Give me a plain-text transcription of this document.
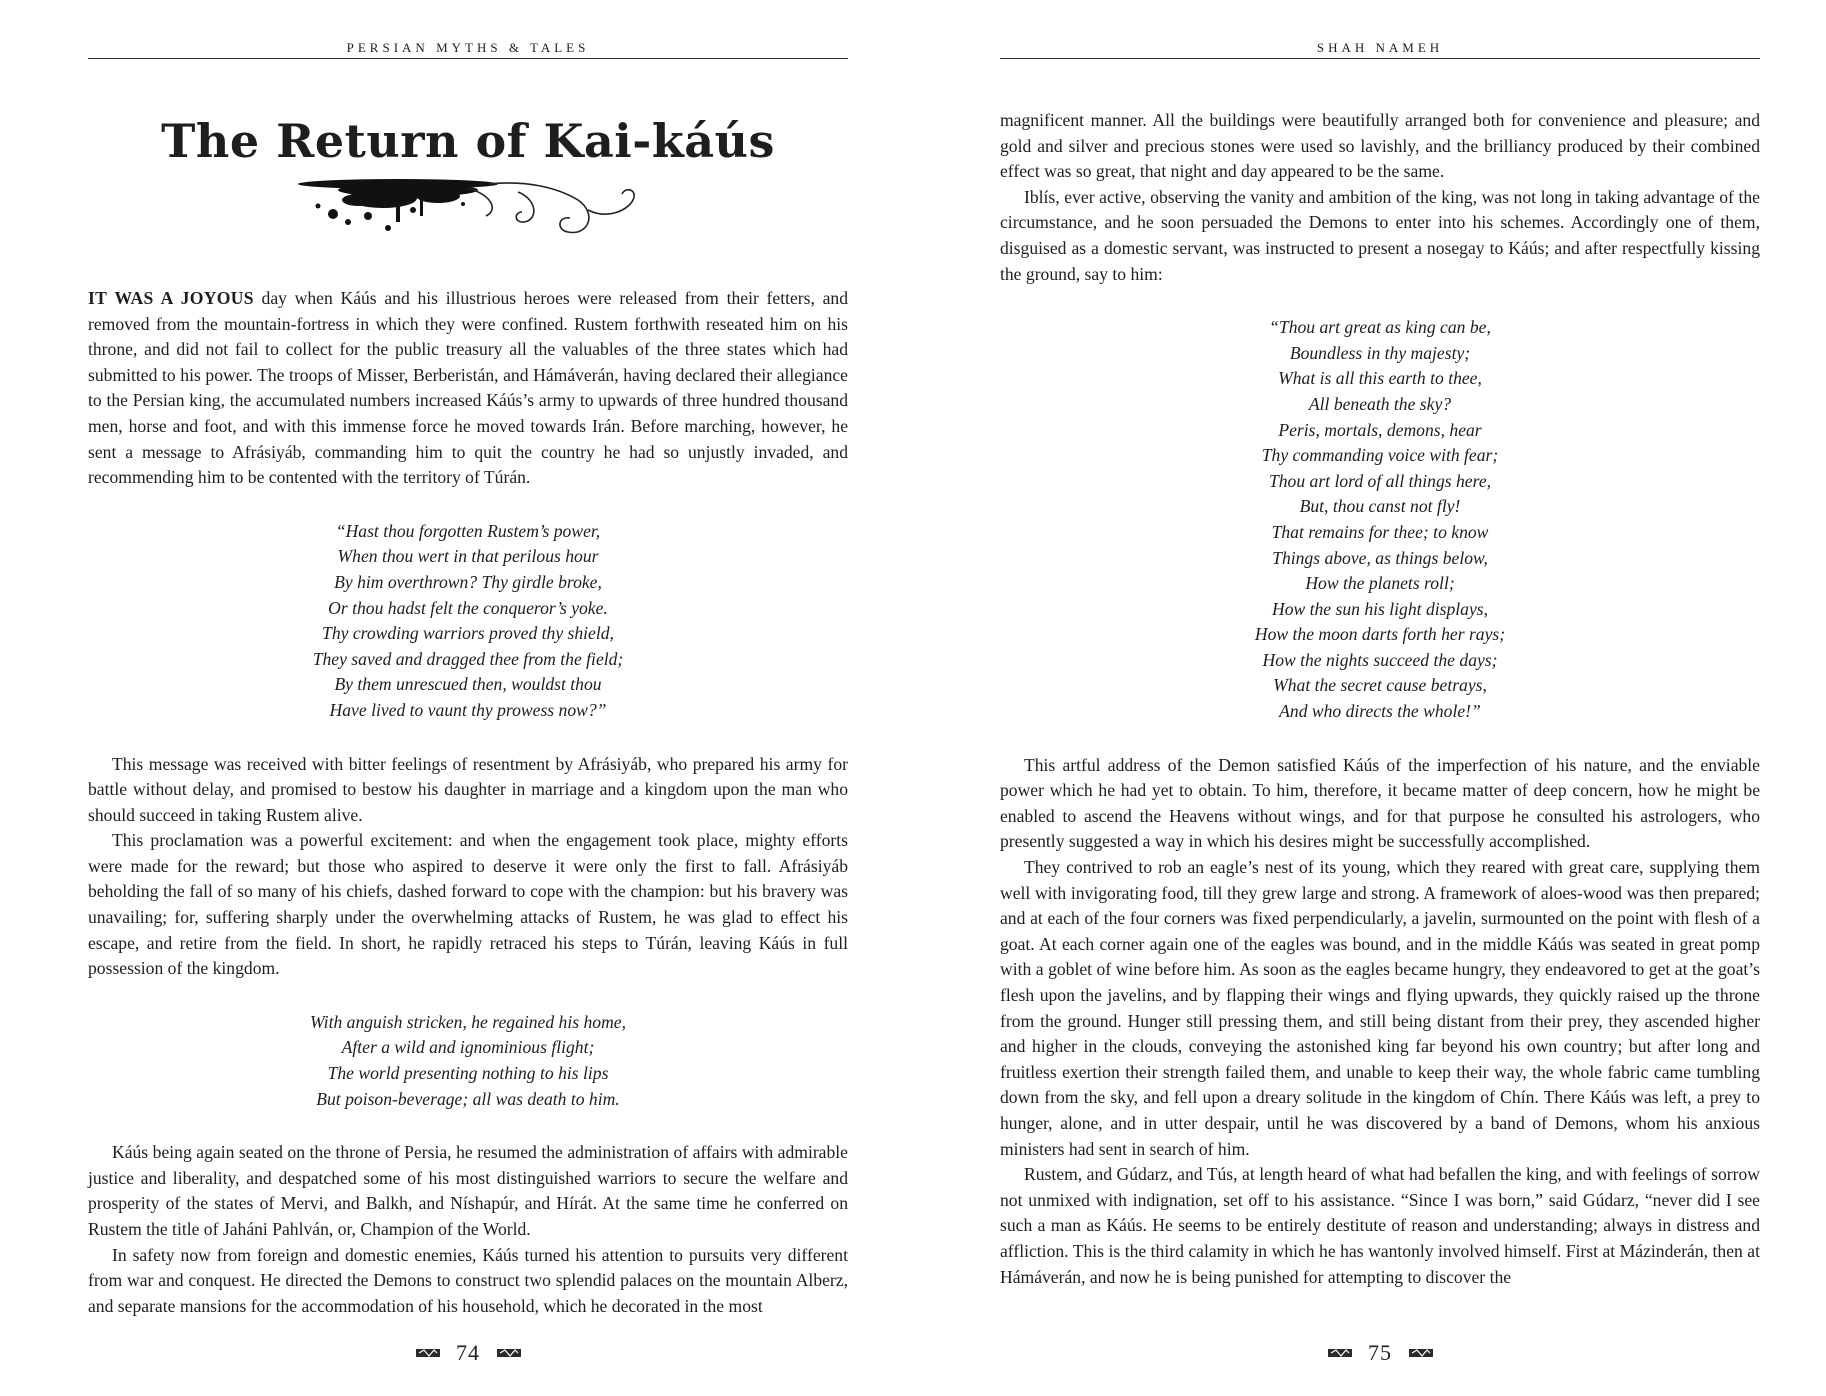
PERSIAN MYTHS & TALES
The Return of Kai-káús

IT WAS A JOYOUS day when Káús and his illustrious heroes were released from their fetters, and removed from the mountain-fortress in which they were confined. Rustem forthwith reseated him on his throne, and did not fail to collect for the public treasury all the valuables of the three states which had submitted to his power. The troops of Misser, Berberistán, and Hámáverán, having declared their allegiance to the Persian king, the accumulated numbers increased Káús’s army to upwards of three hundred thousand men, horse and foot, and with this immense force he moved towards Irán. Before marching, however, he sent a message to Afrásiyáb, commanding him to quit the country he had so unjustly invaded, and recommending him to be contented with the territory of Túrán.

“Hast thou forgotten Rustem’s power,
When thou wert in that perilous hour
By him overthrown? Thy girdle broke,
Or thou hadst felt the conqueror’s yoke.
Thy crowding warriors proved thy shield,
They saved and dragged thee from the field;
By them unrescued then, wouldst thou
Have lived to vaunt thy prowess now?”

This message was received with bitter feelings of resentment by Afrásiyáb, who prepared his army for battle without delay, and promised to bestow his daughter in marriage and a kingdom upon the man who should succeed in taking Rustem alive.

This proclamation was a powerful excitement: and when the engagement took place, mighty efforts were made for the reward; but those who aspired to deserve it were only the first to fall. Afrásiyáb beholding the fall of so many of his chiefs, dashed forward to cope with the champion: but his bravery was unavailing; for, suffering sharply under the overwhelming attacks of Rustem, he was glad to effect his escape, and retire from the field. In short, he rapidly retraced his steps to Túrán, leaving Káús in full possession of the kingdom.

With anguish stricken, he regained his home,
After a wild and ignominious flight;
The world presenting nothing to his lips
But poison-beverage; all was death to him.

Káús being again seated on the throne of Persia, he resumed the administration of affairs with admirable justice and liberality, and despatched some of his most distinguished warriors to secure the welfare and prosperity of the states of Mervi, and Balkh, and Níshapúr, and Hírát. At the same time he conferred on Rustem the title of Jaháni Pahlván, or, Champion of the World.

In safety now from foreign and domestic enemies, Káús turned his attention to pursuits very different from war and conquest. He directed the Demons to construct two splendid palaces on the mountain Alberz, and separate mansions for the accommodation of his household, which he decorated in the most

74
SHAH NAMEH

magnificent manner. All the buildings were beautifully arranged both for convenience and pleasure; and gold and silver and precious stones were used so lavishly, and the brilliancy produced by their combined effect was so great, that night and day appeared to be the same.

Iblís, ever active, observing the vanity and ambition of the king, was not long in taking advantage of the circumstance, and he soon persuaded the Demons to enter into his schemes. Accordingly one of them, disguised as a domestic servant, was instructed to present a nosegay to Káús; and after respectfully kissing the ground, say to him:

“Thou art great as king can be,
Boundless in thy majesty;
What is all this earth to thee,
All beneath the sky?
Peris, mortals, demons, hear
Thy commanding voice with fear;
Thou art lord of all things here,
But, thou canst not fly!
That remains for thee; to know
Things above, as things below,
How the planets roll;
How the sun his light displays,
How the moon darts forth her rays;
How the nights succeed the days;
What the secret cause betrays,
And who directs the whole!”

This artful address of the Demon satisfied Káús of the imperfection of his nature, and the enviable power which he had yet to obtain. To him, therefore, it became matter of deep concern, how he might be enabled to ascend the Heavens without wings, and for that purpose he consulted his astrologers, who presently suggested a way in which his desires might be successfully accomplished.

They contrived to rob an eagle’s nest of its young, which they reared with great care, supplying them well with invigorating food, till they grew large and strong. A framework of aloes-wood was then prepared; and at each of the four corners was fixed perpendicularly, a javelin, surmounted on the point with flesh of a goat. At each corner again one of the eagles was bound, and in the middle Káús was seated in great pomp with a goblet of wine before him. As soon as the eagles became hungry, they endeavored to get at the goat’s flesh upon the javelins, and by flapping their wings and flying upwards, they quickly raised up the throne from the ground. Hunger still pressing them, and still being distant from their prey, they ascended higher and higher in the clouds, conveying the astonished king far beyond his own country; but after long and fruitless exertion their strength failed them, and unable to keep their way, the whole fabric came tumbling down from the sky, and fell upon a dreary solitude in the kingdom of Chín. There Káús was left, a prey to hunger, alone, and in utter despair, until he was discovered by a band of Demons, whom his anxious ministers had sent in search of him.

Rustem, and Gúdarz, and Tús, at length heard of what had befallen the king, and with feelings of sorrow not unmixed with indignation, set off to his assistance. “Since I was born,” said Gúdarz, “never did I see such a man as Káús. He seems to be entirely destitute of reason and understanding; always in distress and affliction. This is the third calamity in which he has wantonly involved himself. First at Mázinderán, then at Hámáverán, and now he is being punished for attempting to discover the

75
